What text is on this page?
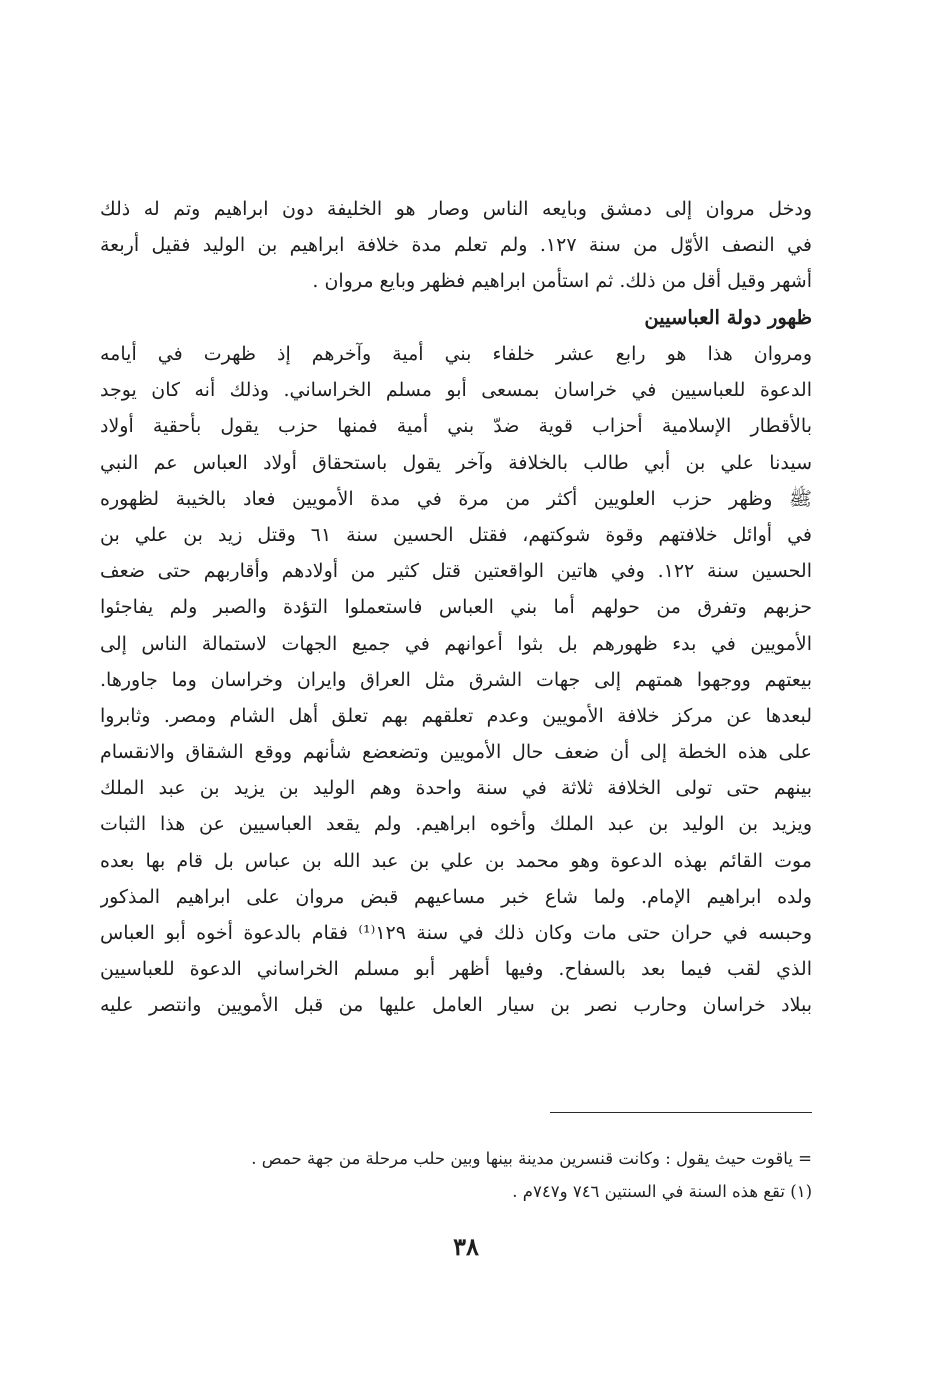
ودخل مروان إلى دمشق وبايعه الناس وصار هو الخليفة دون ابراهيم وتم له ذلك
في النصف الأوّل من سنة ١٢٧. ولم تعلم مدة خلافة ابراهيم بن الوليد فقيل أربعة
أشهر وقيل أقل من ذلك. ثم استأمن ابراهيم فظهر وبايع مروان .
ظهور دولة العباسيين
ومروان هذا هو رابع عشر خلفاء بني أمية وآخرهم إذ ظهرت في أيامه
الدعوة للعباسيين في خراسان بمسعى أبو مسلم الخراساني. وذلك أنه كان يوجد
بالأقطار الإسلامية أحزاب قوية ضدّ بني أمية فمنها حزب يقول بأحقية أولاد
سيدنا علي بن أبي طالب بالخلافة وآخر يقول باستحقاق أولاد العباس عم النبي
ﷺ وظهر حزب العلويين أكثر من مرة في مدة الأمويين فعاد بالخيبة لظهوره
في أوائل خلافتهم وقوة شوكتهم، فقتل الحسين سنة ٦١ وقتل زيد بن علي بن
الحسين سنة ١٢٢. وفي هاتين الواقعتين قتل كثير من أولادهم وأقاربهم حتى ضعف
حزبهم وتفرق من حولهم أما بني العباس فاستعملوا التؤدة والصبر ولم يفاجئوا
الأمويين في بدء ظهورهم بل بثوا أعوانهم في جميع الجهات لاستمالة الناس إلى
بيعتهم ووجهوا همتهم إلى جهات الشرق مثل العراق وايران وخراسان وما جاورها.
لبعدها عن مركز خلافة الأمويين وعدم تعلقهم بهم تعلق أهل الشام ومصر. وثابروا
على هذه الخطة إلى أن ضعف حال الأمويين وتضعضع شأنهم ووقع الشقاق والانقسام
بينهم حتى تولى الخلافة ثلاثة في سنة واحدة وهم الوليد بن يزيد بن عبد الملك
ويزيد بن الوليد بن عبد الملك وأخوه ابراهيم. ولم يقعد العباسيين عن هذا الثبات
موت القائم بهذه الدعوة وهو محمد بن علي بن عبد الله بن عباس بل قام بها بعده
ولده ابراهيم الإمام. ولما شاع خبر مساعيهم قبض مروان على ابراهيم المذكور
وحبسه في حران حتى مات وكان ذلك في سنة ١٢٩⁽¹⁾ فقام بالدعوة أخوه أبو العباس
الذي لقب فيما بعد بالسفاح. وفيها أظهر أبو مسلم الخراساني الدعوة للعباسيين
ببلاد خراسان وحارب نصر بن سيار العامل عليها من قبل الأمويين وانتصر عليه
= ياقوت حيث يقول : وكانت قنسرين مدينة بينها وبين حلب مرحلة من جهة حمص .
(١) تقع هذه السنة في السنتين ٧٤٦ و٧٤٧م .
٣٨
